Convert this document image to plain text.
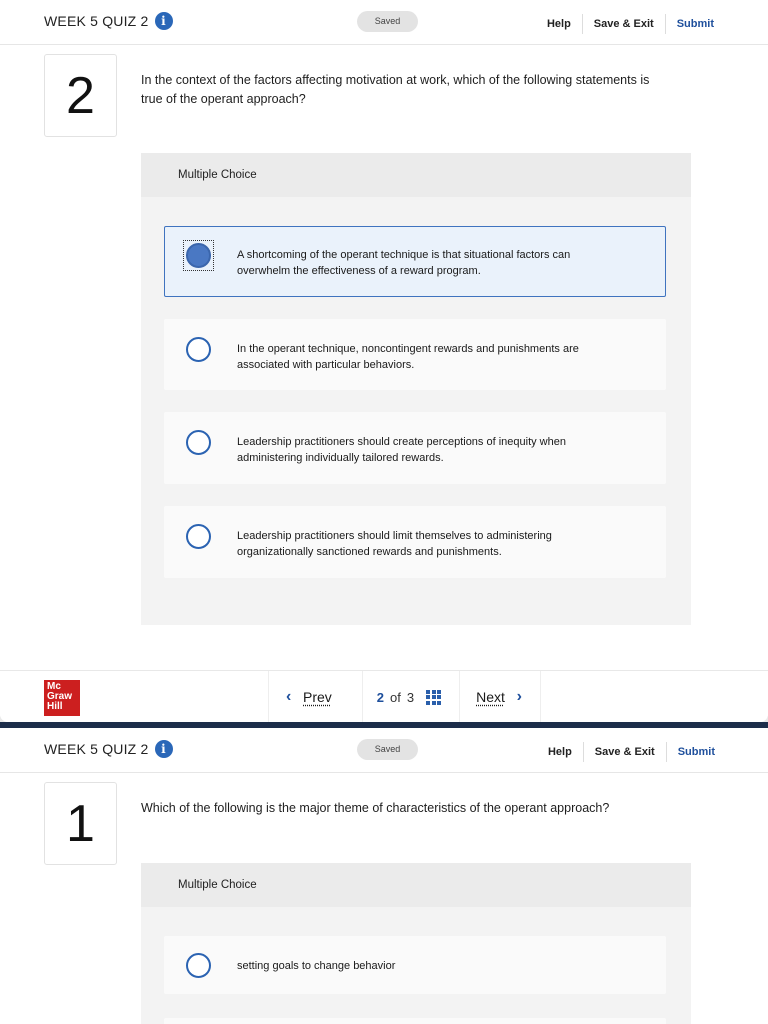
WEEK 5 QUIZ 2	i	Saved	Help	Save & Exit	Submit
2	In the context of the factors affecting motivation at work, which of the following statements is true of the operant approach?
Multiple Choice
A shortcoming of the operant technique is that situational factors can overwhelm the effectiveness of a reward program.
In the operant technique, noncontingent rewards and punishments are associated with particular behaviors.
Leadership practitioners should create perceptions of inequity when administering individually tailored rewards.
Leadership practitioners should limit themselves to administering organizationally sanctioned rewards and punishments.
Mc
Graw
Hill
‹
Prev	2 of 3	Next
›
WEEK 5 QUIZ 2	i	Saved	Help	Save & Exit	Submit
1	Which of the following is the major theme of characteristics of the operant approach?
Multiple Choice
setting goals to change behavior
